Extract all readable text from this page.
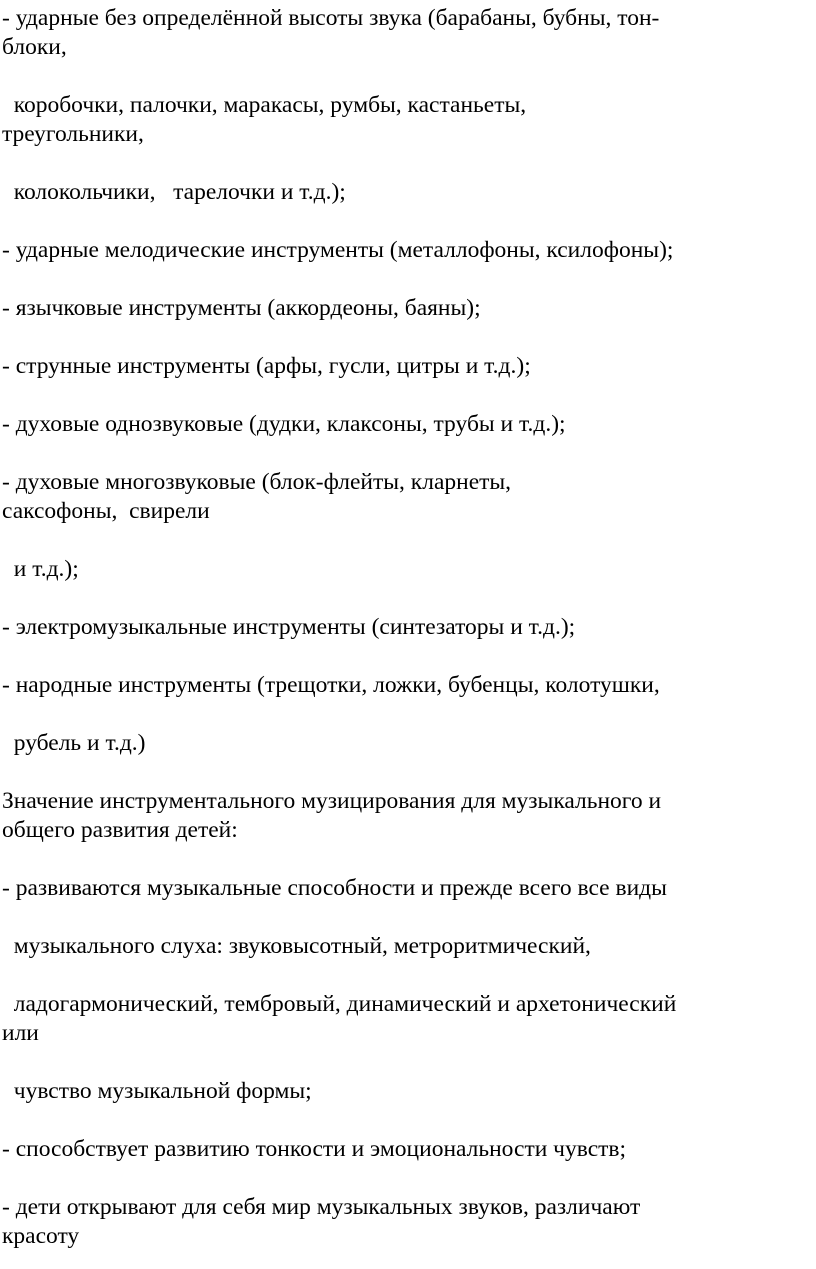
- ударные без определённой высоты звука (барабаны, бубны, тон-
блоки,

коробочки, палочки, маракасы, румбы, кастаньеты,
треугольники,

колокольчики,   тарелочки и т.д.);

- ударные мелодические инструменты (металлофоны, ксилофоны);

- язычковые инструменты (аккордеоны, баяны);

- струнные инструменты (арфы, гусли, цитры и т.д.);

- духовые однозвуковые (дудки, клаксоны, трубы и т.д.);

- духовые многозвуковые (блок-флейты, кларнеты,
саксофоны,  свирели

и т.д.);

- электромузыкальные инструменты (синтезаторы и т.д.);

- народные инструменты (трещотки, ложки, бубенцы, колотушки,

рубель и т.д.)

Значение инструментального музицирования для музыкального и
общего развития детей:

- развиваются музыкальные способности и прежде всего все виды

музыкального слуха: звуковысотный, метроритмический,

ладогармонический, тембровый, динамический и архетонический
или

чувство музыкальной формы;

- способствует развитию тонкости и эмоциональности чувств;

- дети открывают для себя мир музыкальных звуков, различают
красоту
